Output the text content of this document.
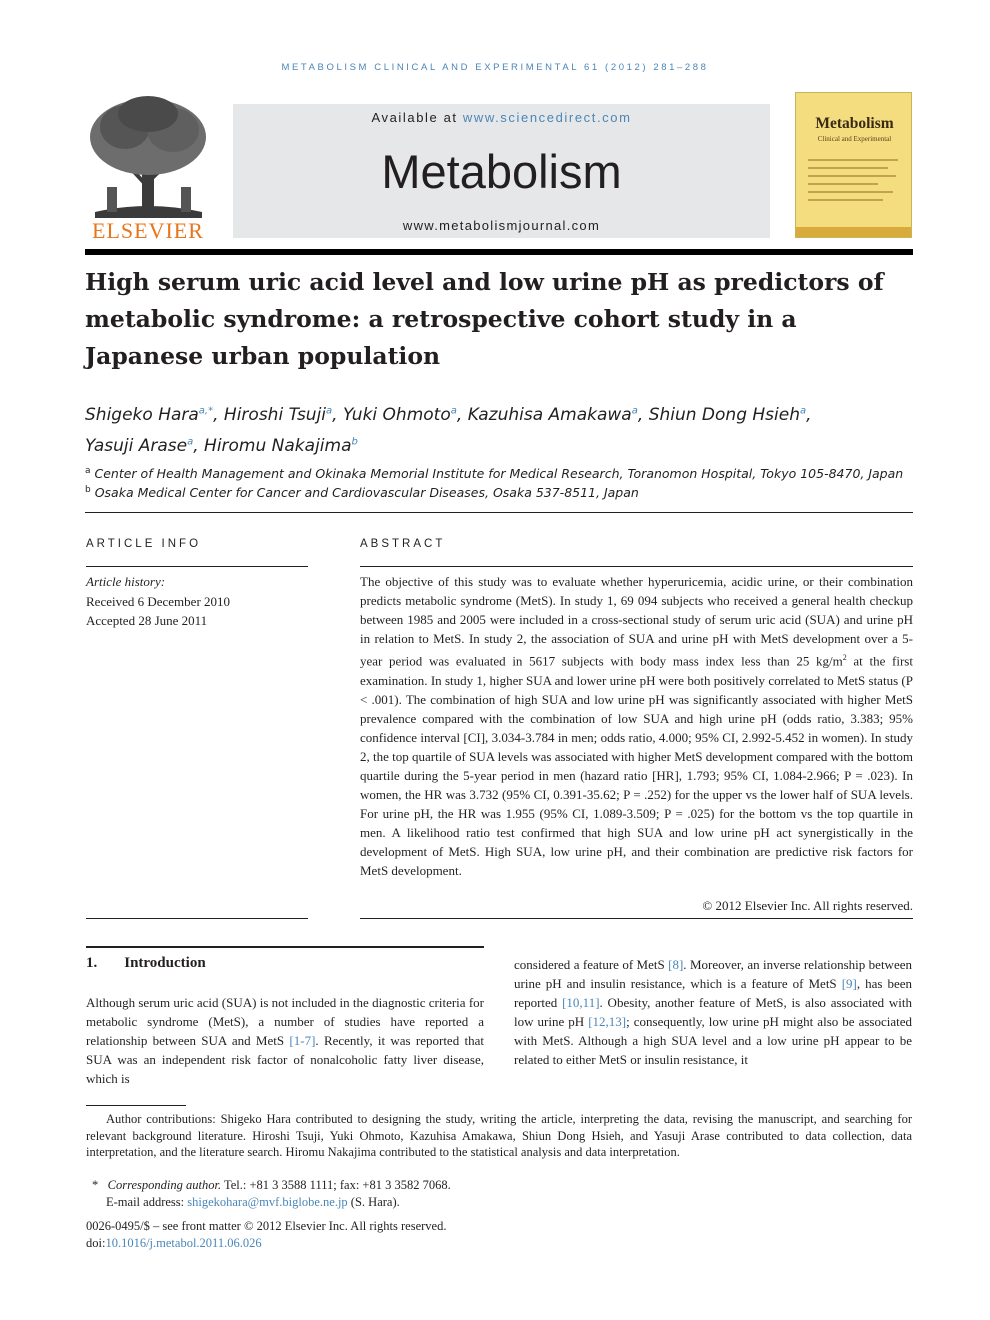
METABOLISM CLINICAL AND EXPERIMENTAL 61 (2012) 281–288
ELSEVIER
Available at www.sciencedirect.com
Metabolism
www.metabolismjournal.com
Metabolism
Clinical and Experimental
High serum uric acid level and low urine pH as predictors of metabolic syndrome: a retrospective cohort study in a Japanese urban population
Shigeko Hara$^{a,*}$, Hiroshi Tsuji$^a$, Yuki Ohmoto$^a$, Kazuhisa Amakawa$^a$, Shiun Dong Hsieh$^a$,
Yasuji Arase$^a$, Hiromu Nakajima$^b$
$^a$ Center of Health Management and Okinaka Memorial Institute for Medical Research, Toranomon Hospital, Tokyo 105-8470, Japan
$^b$ Osaka Medical Center for Cancer and Cardiovascular Diseases, Osaka 537-8511, Japan
ARTICLE INFO
Article history:
Received 6 December 2010
Accepted 28 June 2011
ABSTRACT
The objective of this study was to evaluate whether hyperuricemia, acidic urine, or their combination predicts metabolic syndrome (MetS). In study 1, 69 094 subjects who received a general health checkup between 1985 and 2005 were included in a cross-sectional study of serum uric acid (SUA) and urine pH in relation to MetS. In study 2, the association of SUA and urine pH with MetS development over a 5-year period was evaluated in 5617 subjects with body mass index less than 25 $kg/m^2$ at the first examination. In study 1, higher SUA and lower urine pH were both positively correlated to MetS status (P < .001). The combination of high SUA and low urine pH was significantly associated with higher MetS prevalence compared with the combination of low SUA and high urine pH (odds ratio, 3.383; 95% confidence interval [CI], 3.034-3.784 in men; odds ratio, 4.000; 95% CI, 2.992-5.452 in women). In study 2, the top quartile of SUA levels was associated with higher MetS development compared with the bottom quartile during the 5-year period in men (hazard ratio [HR], 1.793; 95% CI, 1.084-2.966; P = .023). In women, the HR was 3.732 (95% CI, 0.391-35.62; P = .252) for the upper vs the lower half of SUA levels. For urine pH, the HR was 1.955 (95% CI, 1.089-3.509; P = .025) for the bottom vs the top quartile in men. A likelihood ratio test confirmed that high SUA and low urine pH act synergistically in the development of MetS. High SUA, low urine pH, and their combination are predictive risk factors for MetS development.
© 2012 Elsevier Inc. All rights reserved.
1. Introduction
Although serum uric acid (SUA) is not included in the diagnostic criteria for metabolic syndrome (MetS), a number of studies have reported a relationship between SUA and MetS [1-7]. Recently, it was reported that SUA was an independent risk factor of nonalcoholic fatty liver disease, which is
considered a feature of MetS [8]. Moreover, an inverse relationship between urine pH and insulin resistance, which is a feature of MetS [9], has been reported [10,11]. Obesity, another feature of MetS, is also associated with low urine pH [12,13]; consequently, low urine pH might also be associated with MetS. Although a high SUA level and a low urine pH appear to be related to either MetS or insulin resistance, it
Author contributions: Shigeko Hara contributed to designing the study, writing the article, interpreting the data, revising the manuscript, and searching for relevant background literature. Hiroshi Tsuji, Yuki Ohmoto, Kazuhisa Amakawa, Shiun Dong Hsieh, and Yasuji Arase contributed to data collection, data interpretation, and the literature search. Hiromu Nakajima contributed to the statistical analysis and data interpretation.
* Corresponding author. Tel.: +81 3 3588 1111; fax: +81 3 3582 7068.
E-mail address: shigekohara@mvf.biglobe.ne.jp (S. Hara).
0026-0495/$ – see front matter © 2012 Elsevier Inc. All rights reserved.
doi:10.1016/j.metabol.2011.06.026
